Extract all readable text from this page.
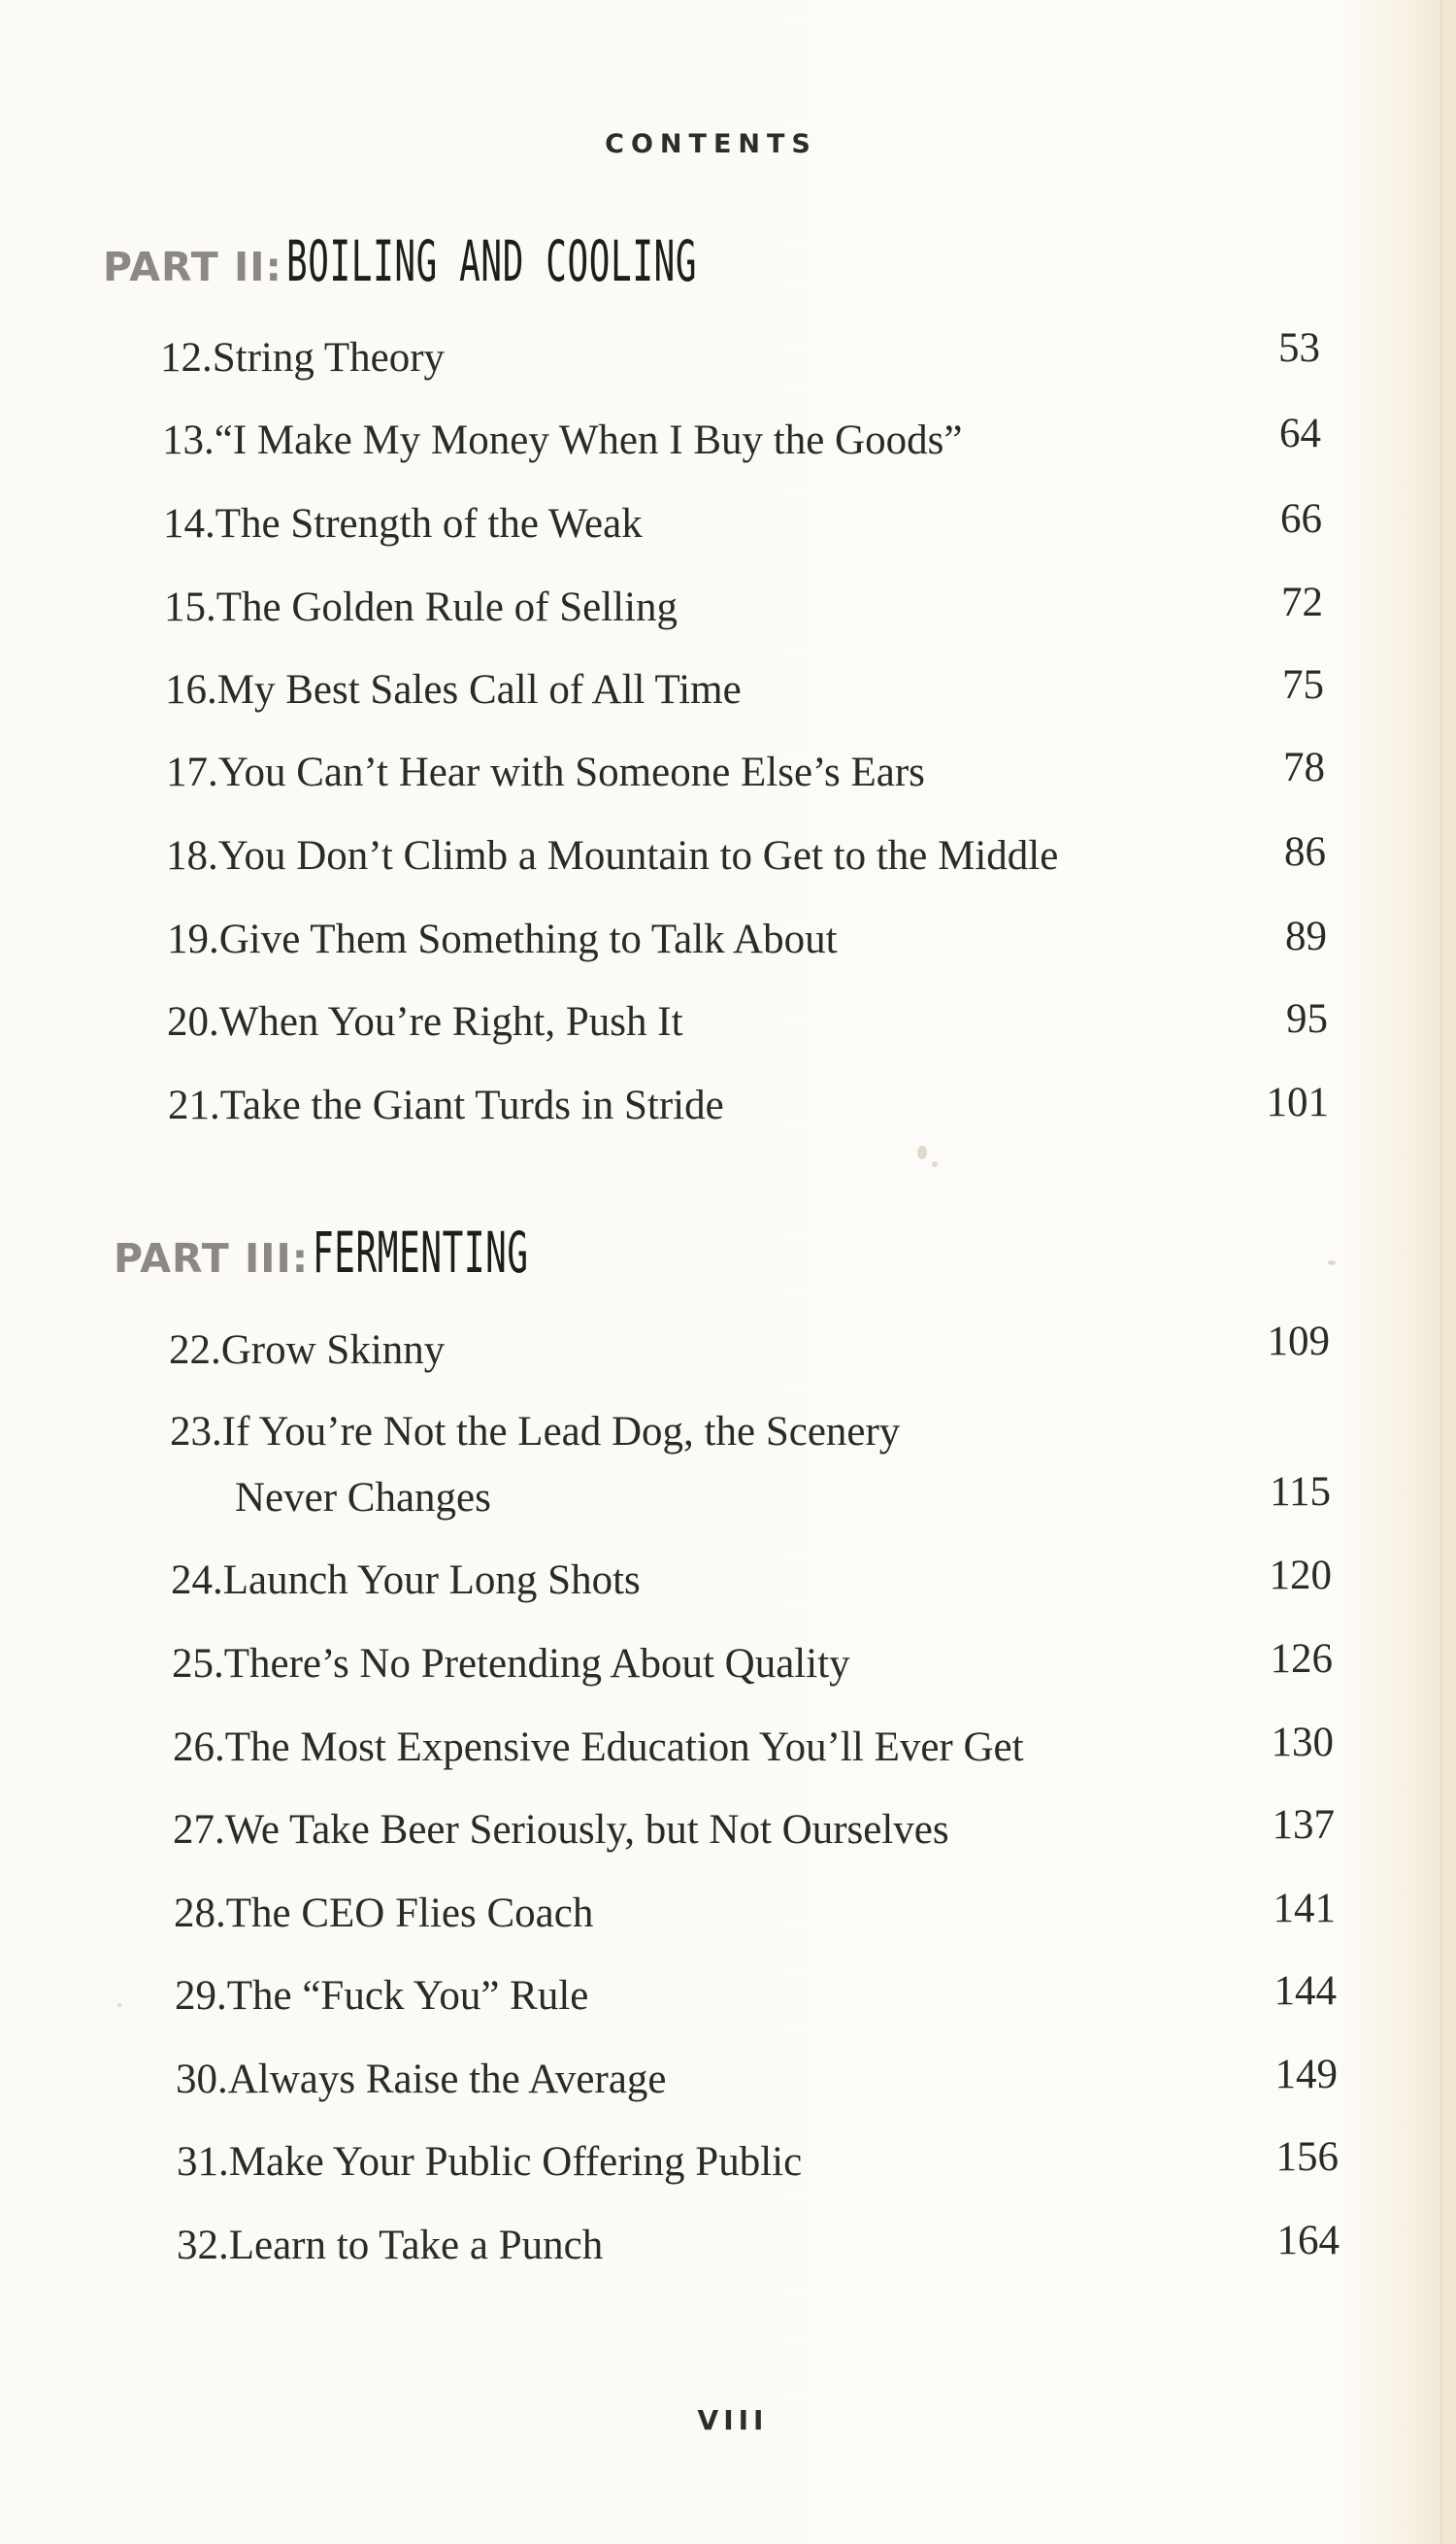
CONTENTS
PART II: BOILING AND COOLING
12.String Theory	53
13.“I Make My Money When I Buy the Goods”	64
14.The Strength of the Weak	66
15.The Golden Rule of Selling	72
16.My Best Sales Call of All Time	75
17.You Can’t Hear with Someone Else’s Ears	78
18.You Don’t Climb a Mountain to Get to the Middle	86
19.Give Them Something to Talk About	89
20.When You’re Right, Push It	95
21.Take the Giant Turds in Stride	101
PART III: FERMENTING
22.Grow Skinny	109
23.If You’re Not the Lead Dog, the Scenery
Never Changes	115
24.Launch Your Long Shots	120
25.There’s No Pretending About Quality	126
26.The Most Expensive Education You’ll Ever Get	130
27.We Take Beer Seriously, but Not Ourselves	137
28.The CEO Flies Coach	141
29.The “Fuck You” Rule	144
30.Always Raise the Average	149
31.Make Your Public Offering Public	156
32.Learn to Take a Punch	164
VIII
